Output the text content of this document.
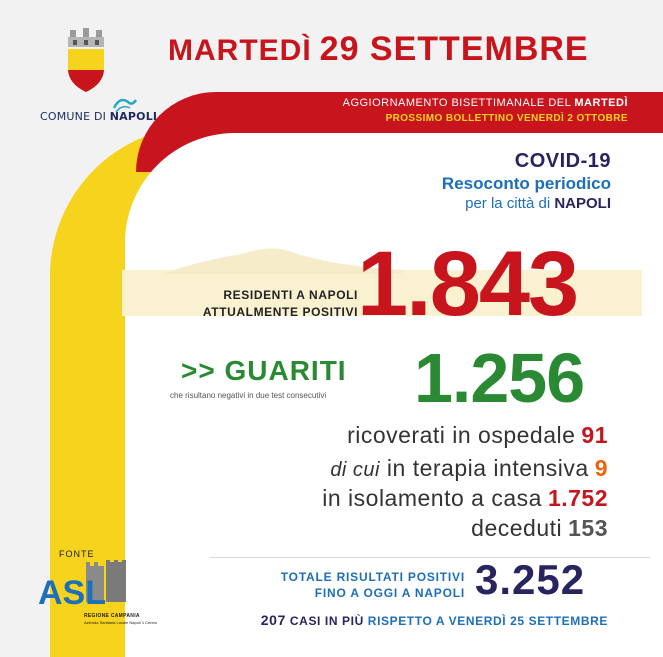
COMUNE DI NAPOLI
MARTEDÌ 29 SETTEMBRE
AGGIORNAMENTO BISETTIMANALE DEL MARTEDÌ
PROSSIMO BOLLETTINO VENERDÌ 2 OTTOBRE
COVID-19
Resoconto periodico
per la città di NAPOLI
RESIDENTI A NAPOLI
ATTUALMENTE POSITIVI 1.843
>> GUARITI
che risultano negativi in due test consecutivi 1.256
ricoverati in ospedale 91
di cui in terapia intensiva 9
in isolamento a casa 1.752
deceduti 153
TOTALE RISULTATI POSITIVI
FINO A OGGI A NAPOLI 3.252
207 CASI IN PIÙ RISPETTO A VENERDÌ 25 SETTEMBRE
FONTE
ASL
REGIONE CAMPANIA
Azienda Sanitaria Locale Napoli 1 Centro
